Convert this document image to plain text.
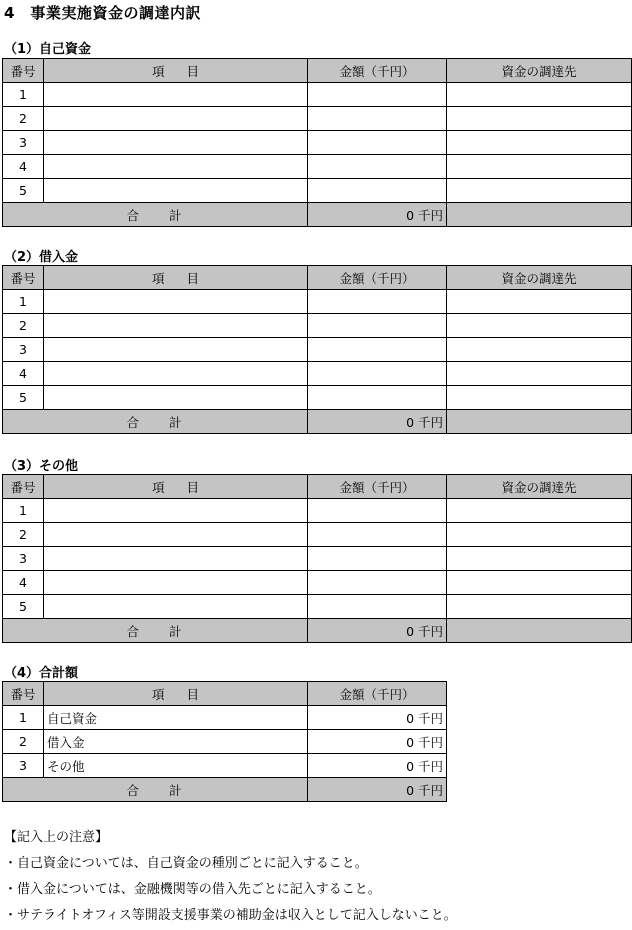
4　事業実施資金の調達内訳
（1）自己資金
番号	項 目	金額（千円）	資金の調達先
1			
2			
3			
4			
5			
合 計		0 千円	
（2）借入金
番号	項 目	金額（千円）	資金の調達先
1			
2			
3			
4			
5			
合 計		0 千円	
（3）その他
番号	項 目	金額（千円）	資金の調達先
1			
2			
3			
4			
5			
合 計		0 千円	
（4）合計額
番号	項 目	金額（千円）
1	自己資金	0 千円
2	借入金	0 千円
3	その他	0 千円
合 計		0 千円

【記入上の注意】

・自己資金については、自己資金の種別ごとに記入すること。

・借入金については、金融機関等の借入先ごとに記入すること。

・サテライトオフィス等開設支援事業の補助金は収入として記入しないこと。
